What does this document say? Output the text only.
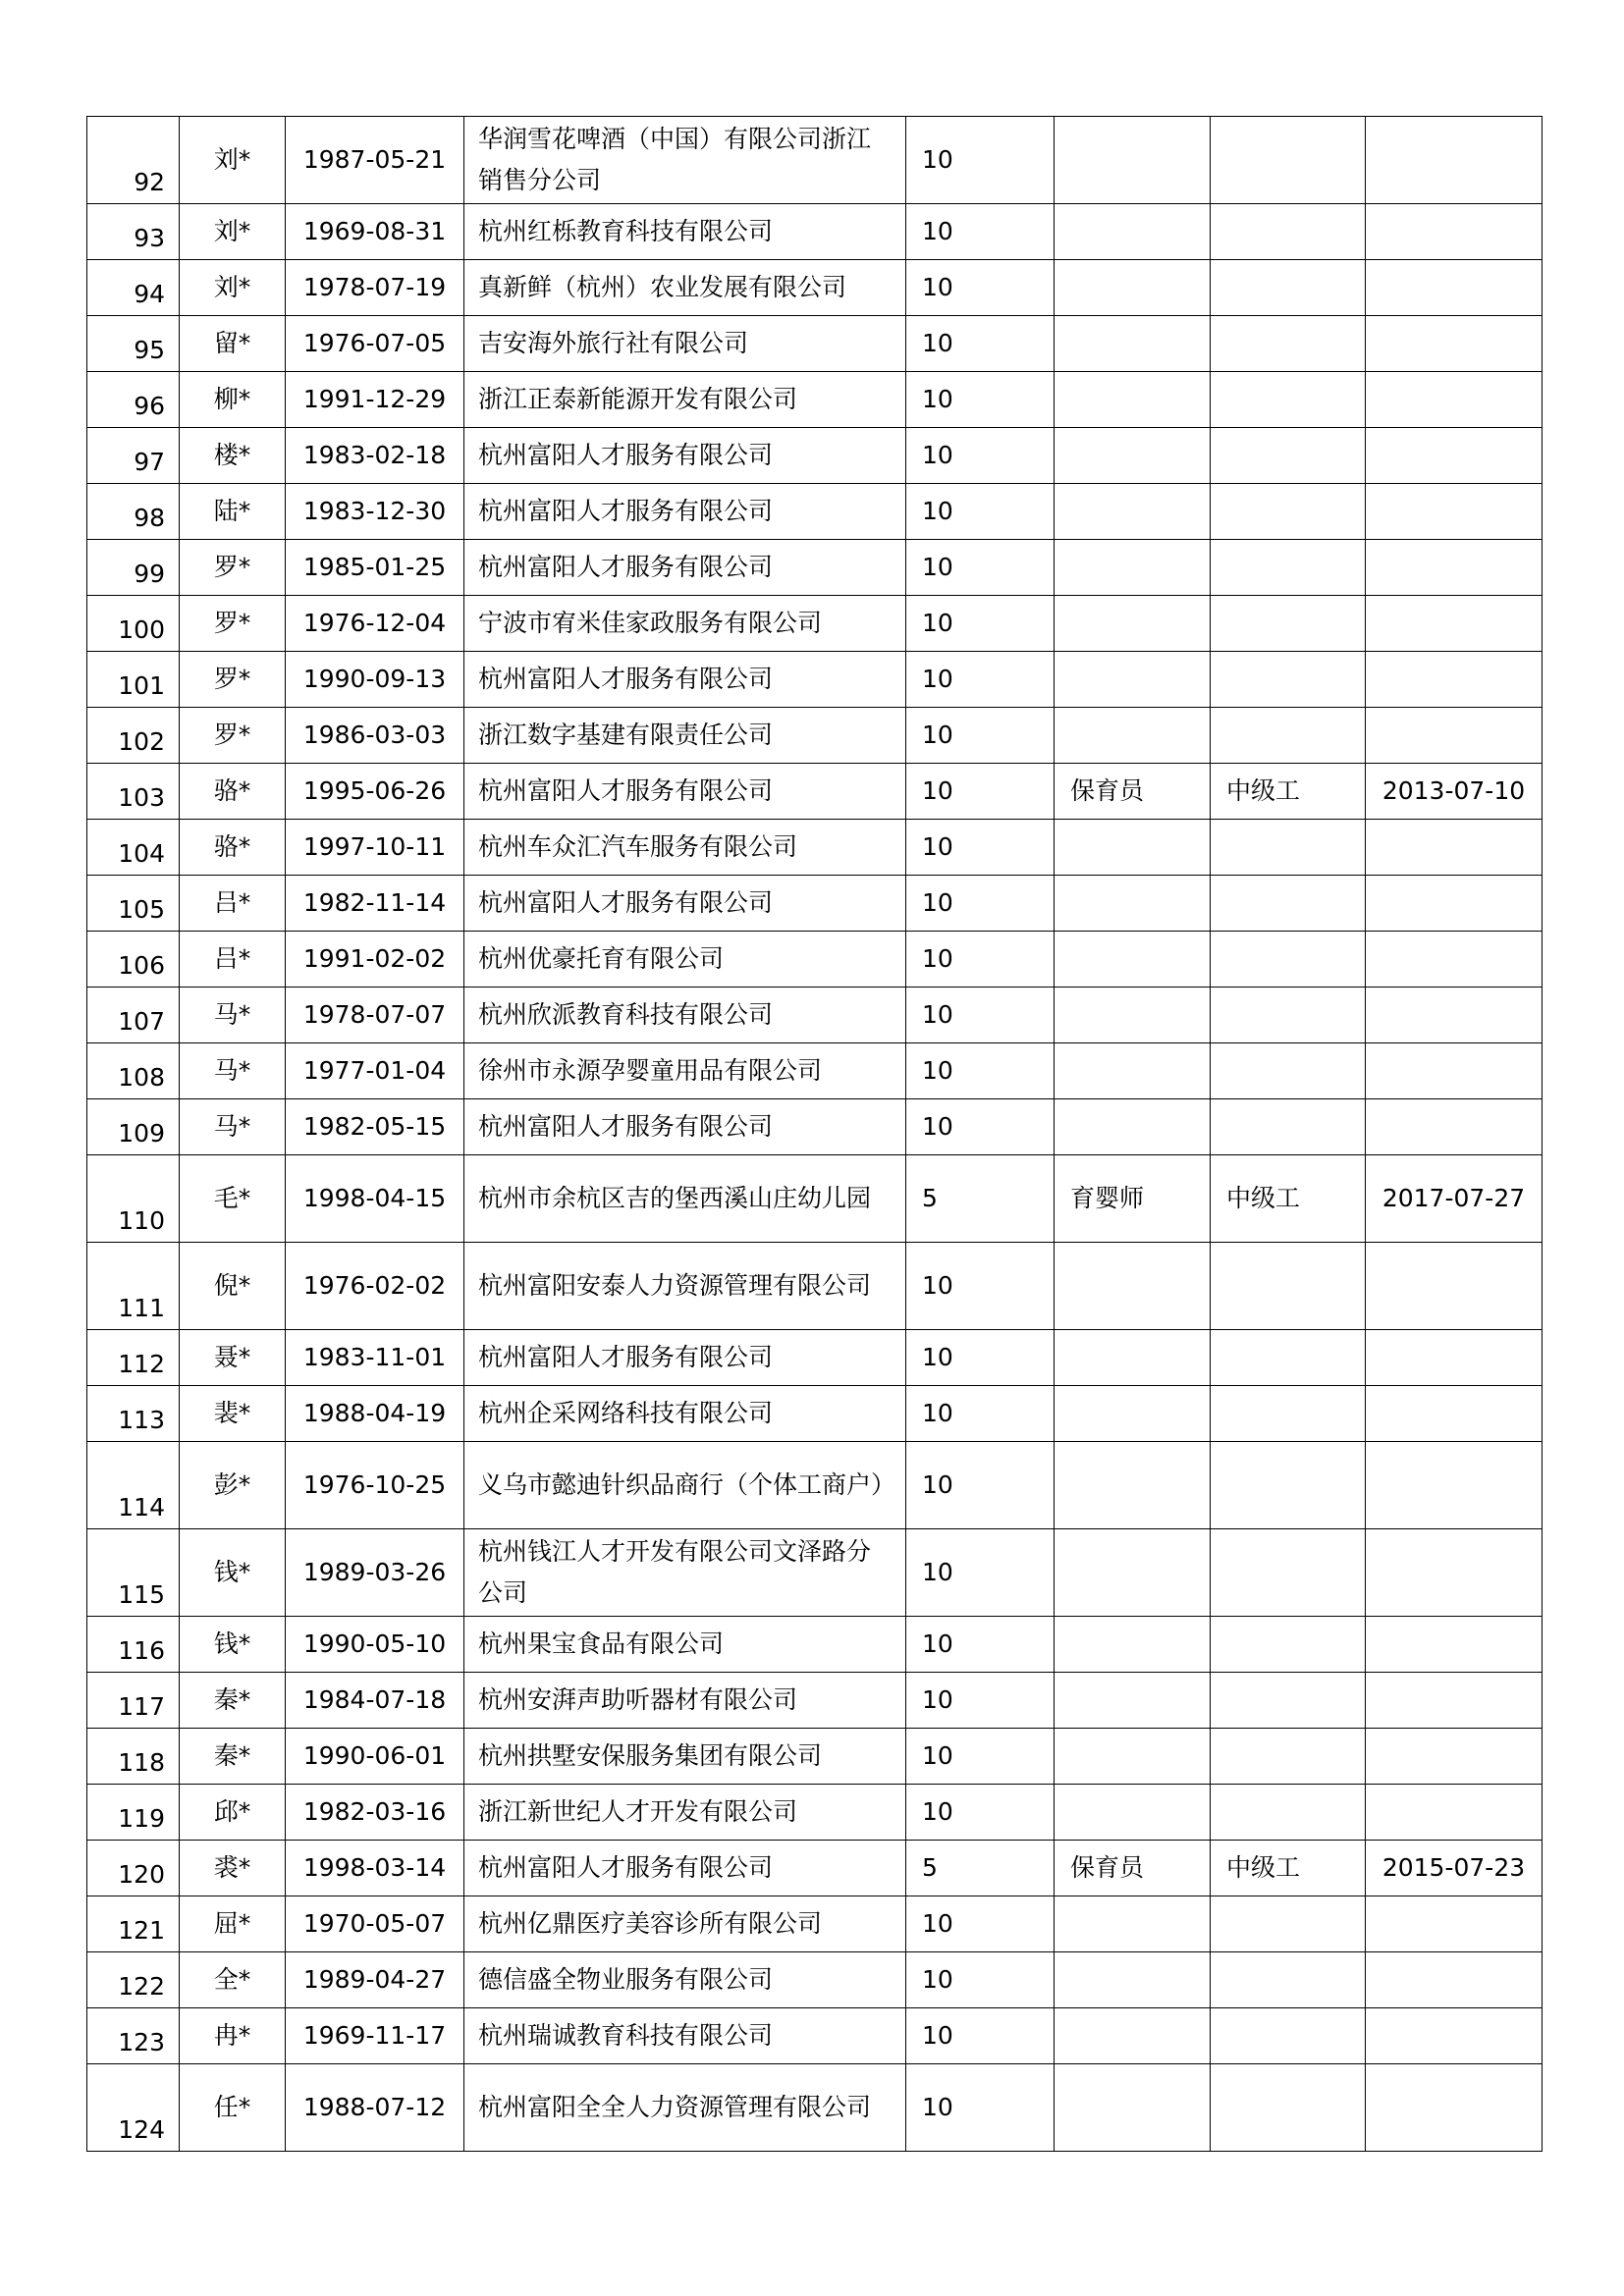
92	刘*	1987-05-21	华润雪花啤酒（中国）有限公司浙江销售分公司	10			
93	刘*	1969-08-31	杭州红栎教育科技有限公司	10			
94	刘*	1978-07-19	真新鲜（杭州）农业发展有限公司	10			
95	留*	1976-07-05	吉安海外旅行社有限公司	10			
96	柳*	1991-12-29	浙江正泰新能源开发有限公司	10			
97	楼*	1983-02-18	杭州富阳人才服务有限公司	10			
98	陆*	1983-12-30	杭州富阳人才服务有限公司	10			
99	罗*	1985-01-25	杭州富阳人才服务有限公司	10			
100	罗*	1976-12-04	宁波市宥米佳家政服务有限公司	10			
101	罗*	1990-09-13	杭州富阳人才服务有限公司	10			
102	罗*	1986-03-03	浙江数字基建有限责任公司	10			
103	骆*	1995-06-26	杭州富阳人才服务有限公司	10	保育员	中级工	2013-07-10
104	骆*	1997-10-11	杭州车众汇汽车服务有限公司	10			
105	吕*	1982-11-14	杭州富阳人才服务有限公司	10			
106	吕*	1991-02-02	杭州优豪托育有限公司	10			
107	马*	1978-07-07	杭州欣派教育科技有限公司	10			
108	马*	1977-01-04	徐州市永源孕婴童用品有限公司	10			
109	马*	1982-05-15	杭州富阳人才服务有限公司	10			
110	毛*	1998-04-15	杭州市余杭区吉的堡西溪山庄幼儿园	5	育婴师	中级工	2017-07-27
111	倪*	1976-02-02	杭州富阳安泰人力资源管理有限公司	10			
112	聂*	1983-11-01	杭州富阳人才服务有限公司	10			
113	裴*	1988-04-19	杭州企采网络科技有限公司	10			
114	彭*	1976-10-25	义乌市懿迪针织品商行（个体工商户）	10			
115	钱*	1989-03-26	杭州钱江人才开发有限公司文泽路分公司	10			
116	钱*	1990-05-10	杭州果宝食品有限公司	10			
117	秦*	1984-07-18	杭州安湃声助听器材有限公司	10			
118	秦*	1990-06-01	杭州拱墅安保服务集团有限公司	10			
119	邱*	1982-03-16	浙江新世纪人才开发有限公司	10			
120	裘*	1998-03-14	杭州富阳人才服务有限公司	5	保育员	中级工	2015-07-23
121	屈*	1970-05-07	杭州亿鼎医疗美容诊所有限公司	10			
122	全*	1989-04-27	德信盛全物业服务有限公司	10			
123	冉*	1969-11-17	杭州瑞诚教育科技有限公司	10			
124	任*	1988-07-12	杭州富阳全全人力资源管理有限公司	10			
